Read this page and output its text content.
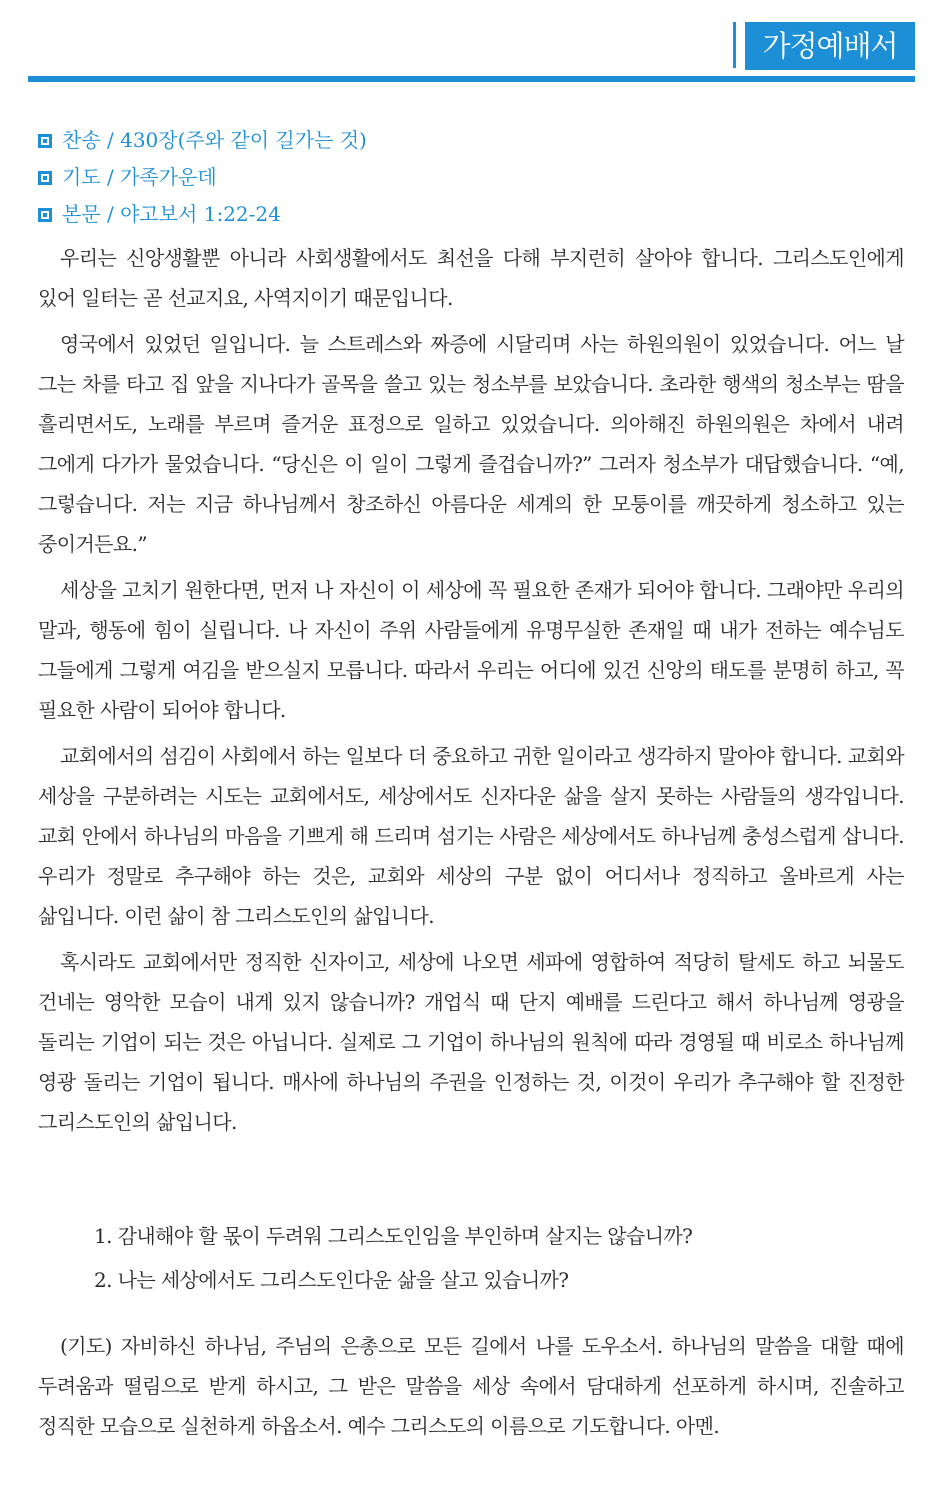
가정예배서
찬송 / 430장(주와 같이 길가는 것)
기도 / 가족가운데
본문 / 야고보서 1:22-24

우리는 신앙생활뿐 아니라 사회생활에서도 최선을 다해 부지런히 살아야 합니다. 그리스도인에게 있어 일터는 곧 선교지요, 사역지이기 때문입니다.

영국에서 있었던 일입니다. 늘 스트레스와 짜증에 시달리며 사는 하원의원이 있었습니다. 어느 날 그는 차를 타고 집 앞을 지나다가 골목을 쓸고 있는 청소부를 보았습니다. 초라한 행색의 청소부는 땀을 흘리면서도, 노래를 부르며 즐거운 표정으로 일하고 있었습니다. 의아해진 하원의원은 차에서 내려 그에게 다가가 물었습니다. “당신은 이 일이 그렇게 즐겁습니까?” 그러자 청소부가 대답했습니다. “예, 그렇습니다. 저는 지금 하나님께서 창조하신 아름다운 세계의 한 모퉁이를 깨끗하게 청소하고 있는 중이거든요.”

세상을 고치기 원한다면, 먼저 나 자신이 이 세상에 꼭 필요한 존재가 되어야 합니다. 그래야만 우리의 말과, 행동에 힘이 실립니다. 나 자신이 주위 사람들에게 유명무실한 존재일 때 내가 전하는 예수님도 그들에게 그렇게 여김을 받으실지 모릅니다. 따라서 우리는 어디에 있건 신앙의 태도를 분명히 하고, 꼭 필요한 사람이 되어야 합니다.

교회에서의 섬김이 사회에서 하는 일보다 더 중요하고 귀한 일이라고 생각하지 말아야 합니다. 교회와 세상을 구분하려는 시도는 교회에서도, 세상에서도 신자다운 삶을 살지 못하는 사람들의 생각입니다. 교회 안에서 하나님의 마음을 기쁘게 해 드리며 섬기는 사람은 세상에서도 하나님께 충성스럽게 삽니다. 우리가 정말로 추구해야 하는 것은, 교회와 세상의 구분 없이 어디서나 정직하고 올바르게 사는 삶입니다. 이런 삶이 참 그리스도인의 삶입니다.

혹시라도 교회에서만 정직한 신자이고, 세상에 나오면 세파에 영합하여 적당히 탈세도 하고 뇌물도 건네는 영악한 모습이 내게 있지 않습니까? 개업식 때 단지 예배를 드린다고 해서 하나님께 영광을 돌리는 기업이 되는 것은 아닙니다. 실제로 그 기업이 하나님의 원칙에 따라 경영될 때 비로소 하나님께 영광 돌리는 기업이 됩니다. 매사에 하나님의 주권을 인정하는 것, 이것이 우리가 추구해야 할 진정한 그리스도인의 삶입니다.

1. 감내해야 할 몫이 두려워 그리스도인임을 부인하며 살지는 않습니까?
2. 나는 세상에서도 그리스도인다운 삶을 살고 있습니까?

(기도) 자비하신 하나님, 주님의 은총으로 모든 길에서 나를 도우소서. 하나님의 말씀을 대할 때에 두려움과 떨림으로 받게 하시고, 그 받은 말씀을 세상 속에서 담대하게 선포하게 하시며, 진솔하고 정직한 모습으로 실천하게 하옵소서. 예수 그리스도의 이름으로 기도합니다. 아멘.
